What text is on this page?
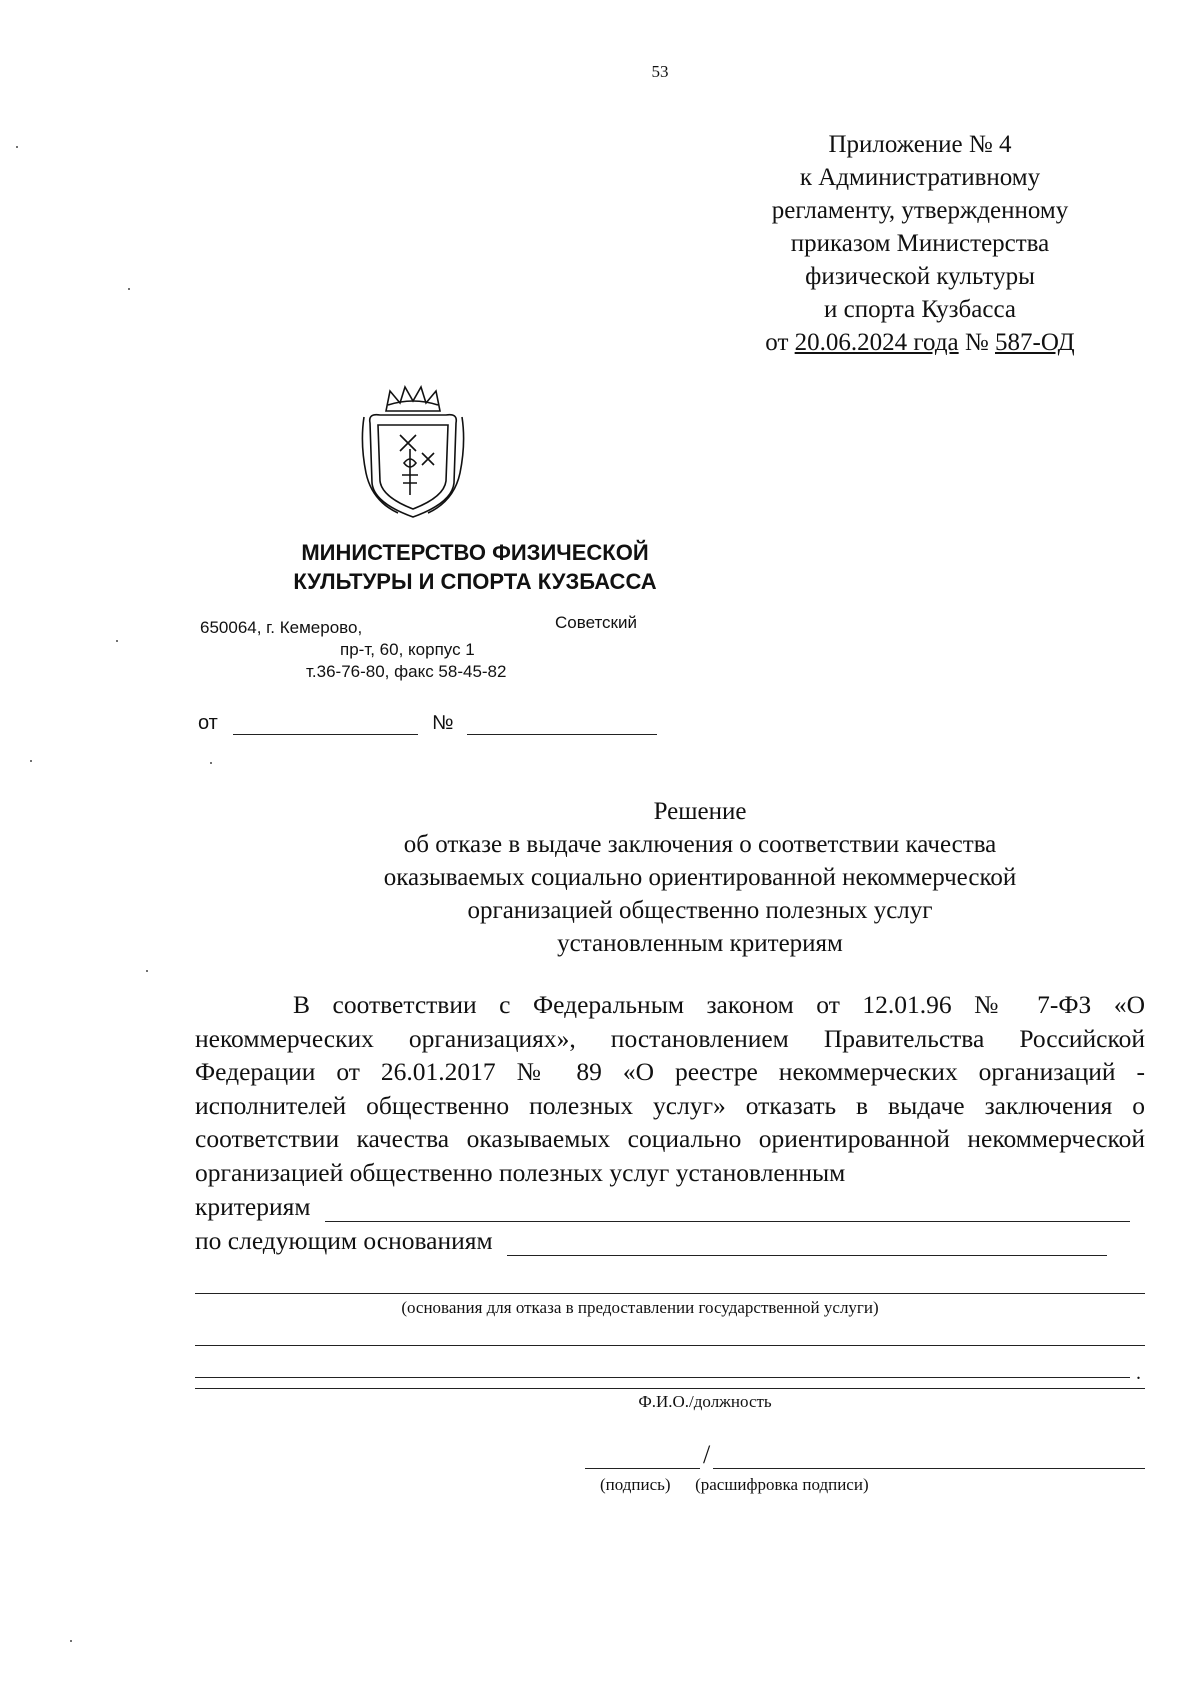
53
Приложение № 4
к Административному
регламенту, утвержденному
приказом Министерства
физической культуры
и спорта Кузбасса
от 20.06.2024 года № 587-ОД
МИНИСТЕРСТВО ФИЗИЧЕСКОЙ
КУЛЬТУРЫ И СПОРТА КУЗБАССА
650064, г. Кемерово,	Советский
пр-т, 60, корпус 1
т.36-76-80, факс 58-45-82
от	№
Решение
об отказе в выдаче заключения о соответствии качества
оказываемых социально ориентированной некоммерческой
организацией общественно полезных услуг
установленным критериям
В соответствии с Федеральным законом от 12.01.96 № 7-ФЗ «О некоммерческих организациях», постановлением Правительства Российской Федерации от 26.01.2017 № 89 «О реестре некоммерческих организаций - исполнителей общественно полезных услуг» отказать в выдаче заключения о соответствии качества оказываемых социально ориентированной некоммерческой организацией общественно полезных услуг установленным
критериям
по следующим основаниям
(основания для отказа в предоставлении государственной услуги)
.
Ф.И.О./должность
/
(подпись) (расшифровка подписи)
